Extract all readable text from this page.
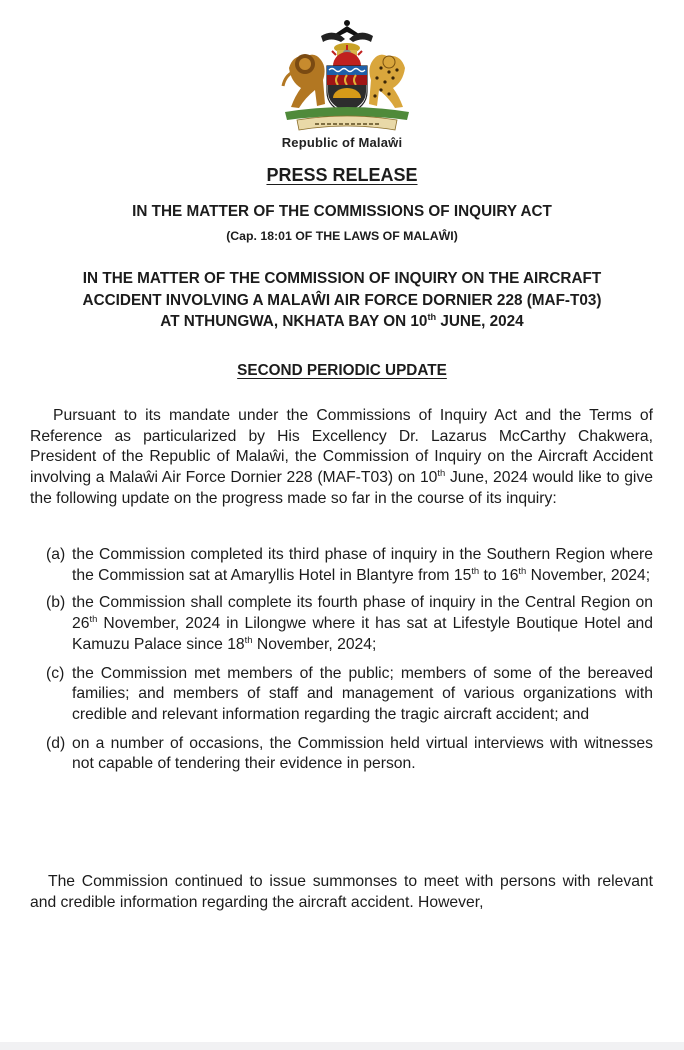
Republic of Malaŵi
PRESS RELEASE
IN THE MATTER OF THE COMMISSIONS OF INQUIRY ACT
(Cap. 18:01 OF THE LAWS OF MALAŴI)
IN THE MATTER OF THE COMMISSION OF INQUIRY ON THE AIRCRAFT
ACCIDENT INVOLVING A MALAŴI AIR FORCE DORNIER 228 (MAF-T03)
AT NTHUNGWA, NKHATA BAY ON 10th JUNE, 2024
SECOND PERIODIC UPDATE
Pursuant to its mandate under the Commissions of Inquiry Act and the Terms of Reference as particularized by His Excellency Dr. Lazarus McCarthy Chakwera, President of the Republic of Malaŵi, the Commission of Inquiry on the Aircraft Accident involving a Malaŵi Air Force Dornier 228 (MAF-T03) on 10th June, 2024 would like to give the following update on the progress made so far in the course of its inquiry:
(a) the Commission completed its third phase of inquiry in the Southern Region where the Commission sat at Amaryllis Hotel in Blantyre from 15th to 16th November, 2024;
(b) the Commission shall complete its fourth phase of inquiry in the Central Region on 26th November, 2024 in Lilongwe where it has sat at Lifestyle Boutique Hotel and Kamuzu Palace since 18th November, 2024;
(c) the Commission met members of the public; members of some of the bereaved families; and members of staff and management of various organizations with credible and relevant information regarding the tragic aircraft accident; and
(d) on a number of occasions, the Commission held virtual interviews with witnesses not capable of tendering their evidence in person.
The Commission continued to issue summonses to meet with persons with relevant and credible information regarding the aircraft accident. However,
